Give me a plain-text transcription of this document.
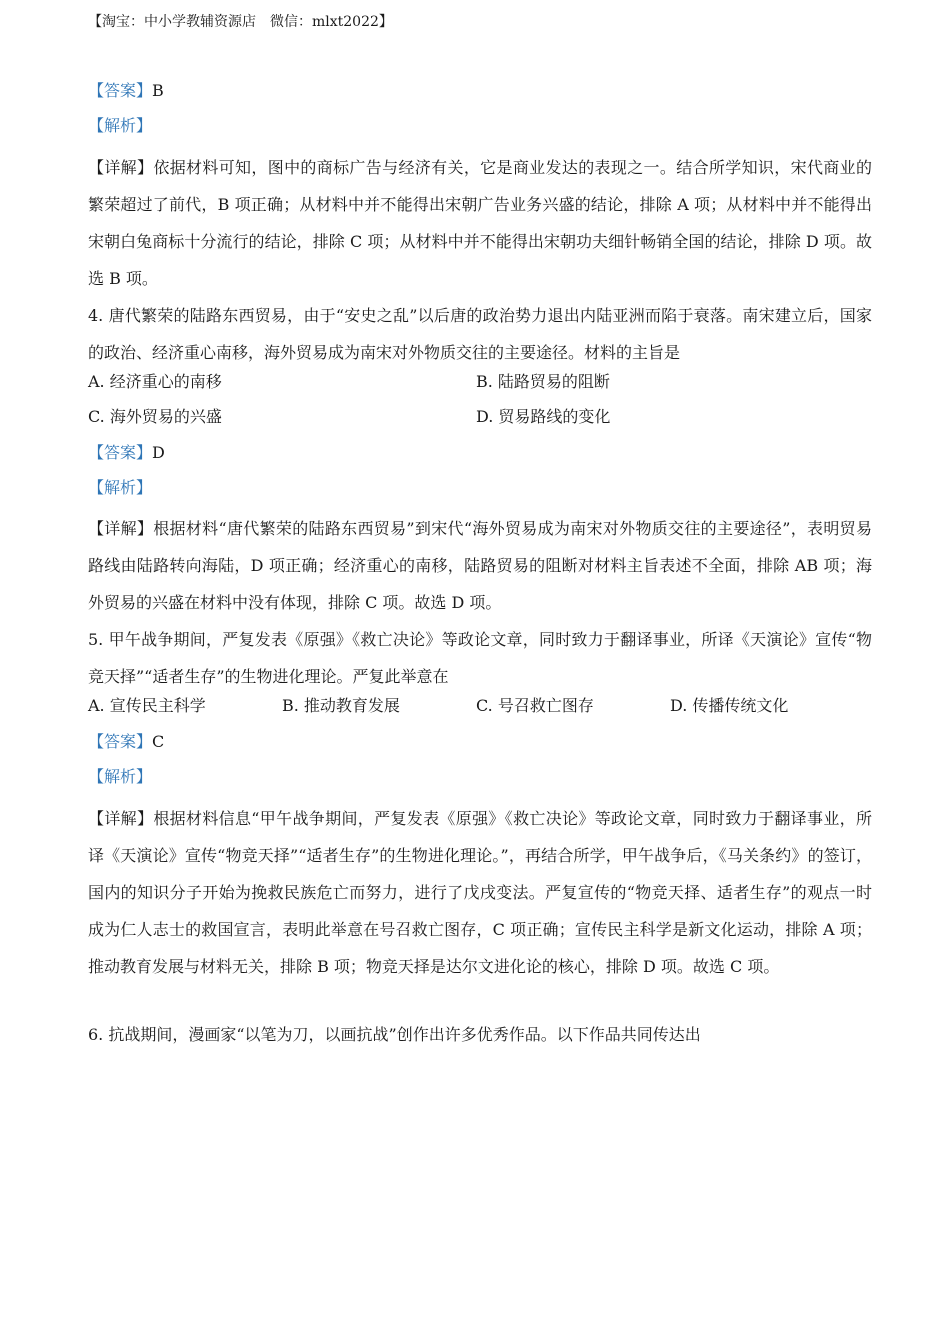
【淘宝：中小学教辅资源店 微信：mlxt2022】
【答案】B
【解析】

【详解】依据材料可知，图中的商标广告与经济有关，它是商业发达的表现之一。结合所学知识，宋代商业的繁荣超过了前代，B 项正确；从材料中并不能得出宋朝广告业务兴盛的结论，排除 A 项；从材料中并不能得出宋朝白兔商标十分流行的结论，排除 C 项；从材料中并不能得出宋朝功夫细针畅销全国的结论，排除 D 项。故选 B 项。

4. 唐代繁荣的陆路东西贸易，由于“安史之乱”以后唐的政治势力退出内陆亚洲而陷于衰落。南宋建立后，国家的政治、经济重心南移，海外贸易成为南宋对外物质交往的主要途径。材料的主旨是

A. 经济重心的南移	B. 陆路贸易的阻断
C. 海外贸易的兴盛	D. 贸易路线的变化
【答案】D
【解析】

【详解】根据材料“唐代繁荣的陆路东西贸易”到宋代“海外贸易成为南宋对外物质交往的主要途径”，表明贸易路线由陆路转向海陆，D 项正确；经济重心的南移，陆路贸易的阻断对材料主旨表述不全面，排除 AB 项；海外贸易的兴盛在材料中没有体现，排除 C 项。故选 D 项。

5. 甲午战争期间，严复发表《原强》《救亡决论》等政论文章，同时致力于翻译事业，所译《天演论》宣传“物竞天择”“适者生存”的生物进化理论。严复此举意在

A. 宣传民主科学	B. 推动教育发展	C. 号召救亡图存	D. 传播传统文化
【答案】C
【解析】

【详解】根据材料信息“甲午战争期间，严复发表《原强》《救亡决论》等政论文章，同时致力于翻译事业，所译《天演论》宣传“物竞天择”“适者生存”的生物进化理论。”，再结合所学，甲午战争后，《马关条约》的签订，国内的知识分子开始为挽救民族危亡而努力，进行了戊戌变法。严复宣传的“物竞天择、适者生存”的观点一时成为仁人志士的救国宣言，表明此举意在号召救亡图存，C 项正确；宣传民主科学是新文化运动，排除 A 项；推动教育发展与材料无关，排除 B 项；物竞天择是达尔文进化论的核心，排除 D 项。故选 C 项。

6. 抗战期间，漫画家“以笔为刀，以画抗战”创作出许多优秀作品。以下作品共同传达出
